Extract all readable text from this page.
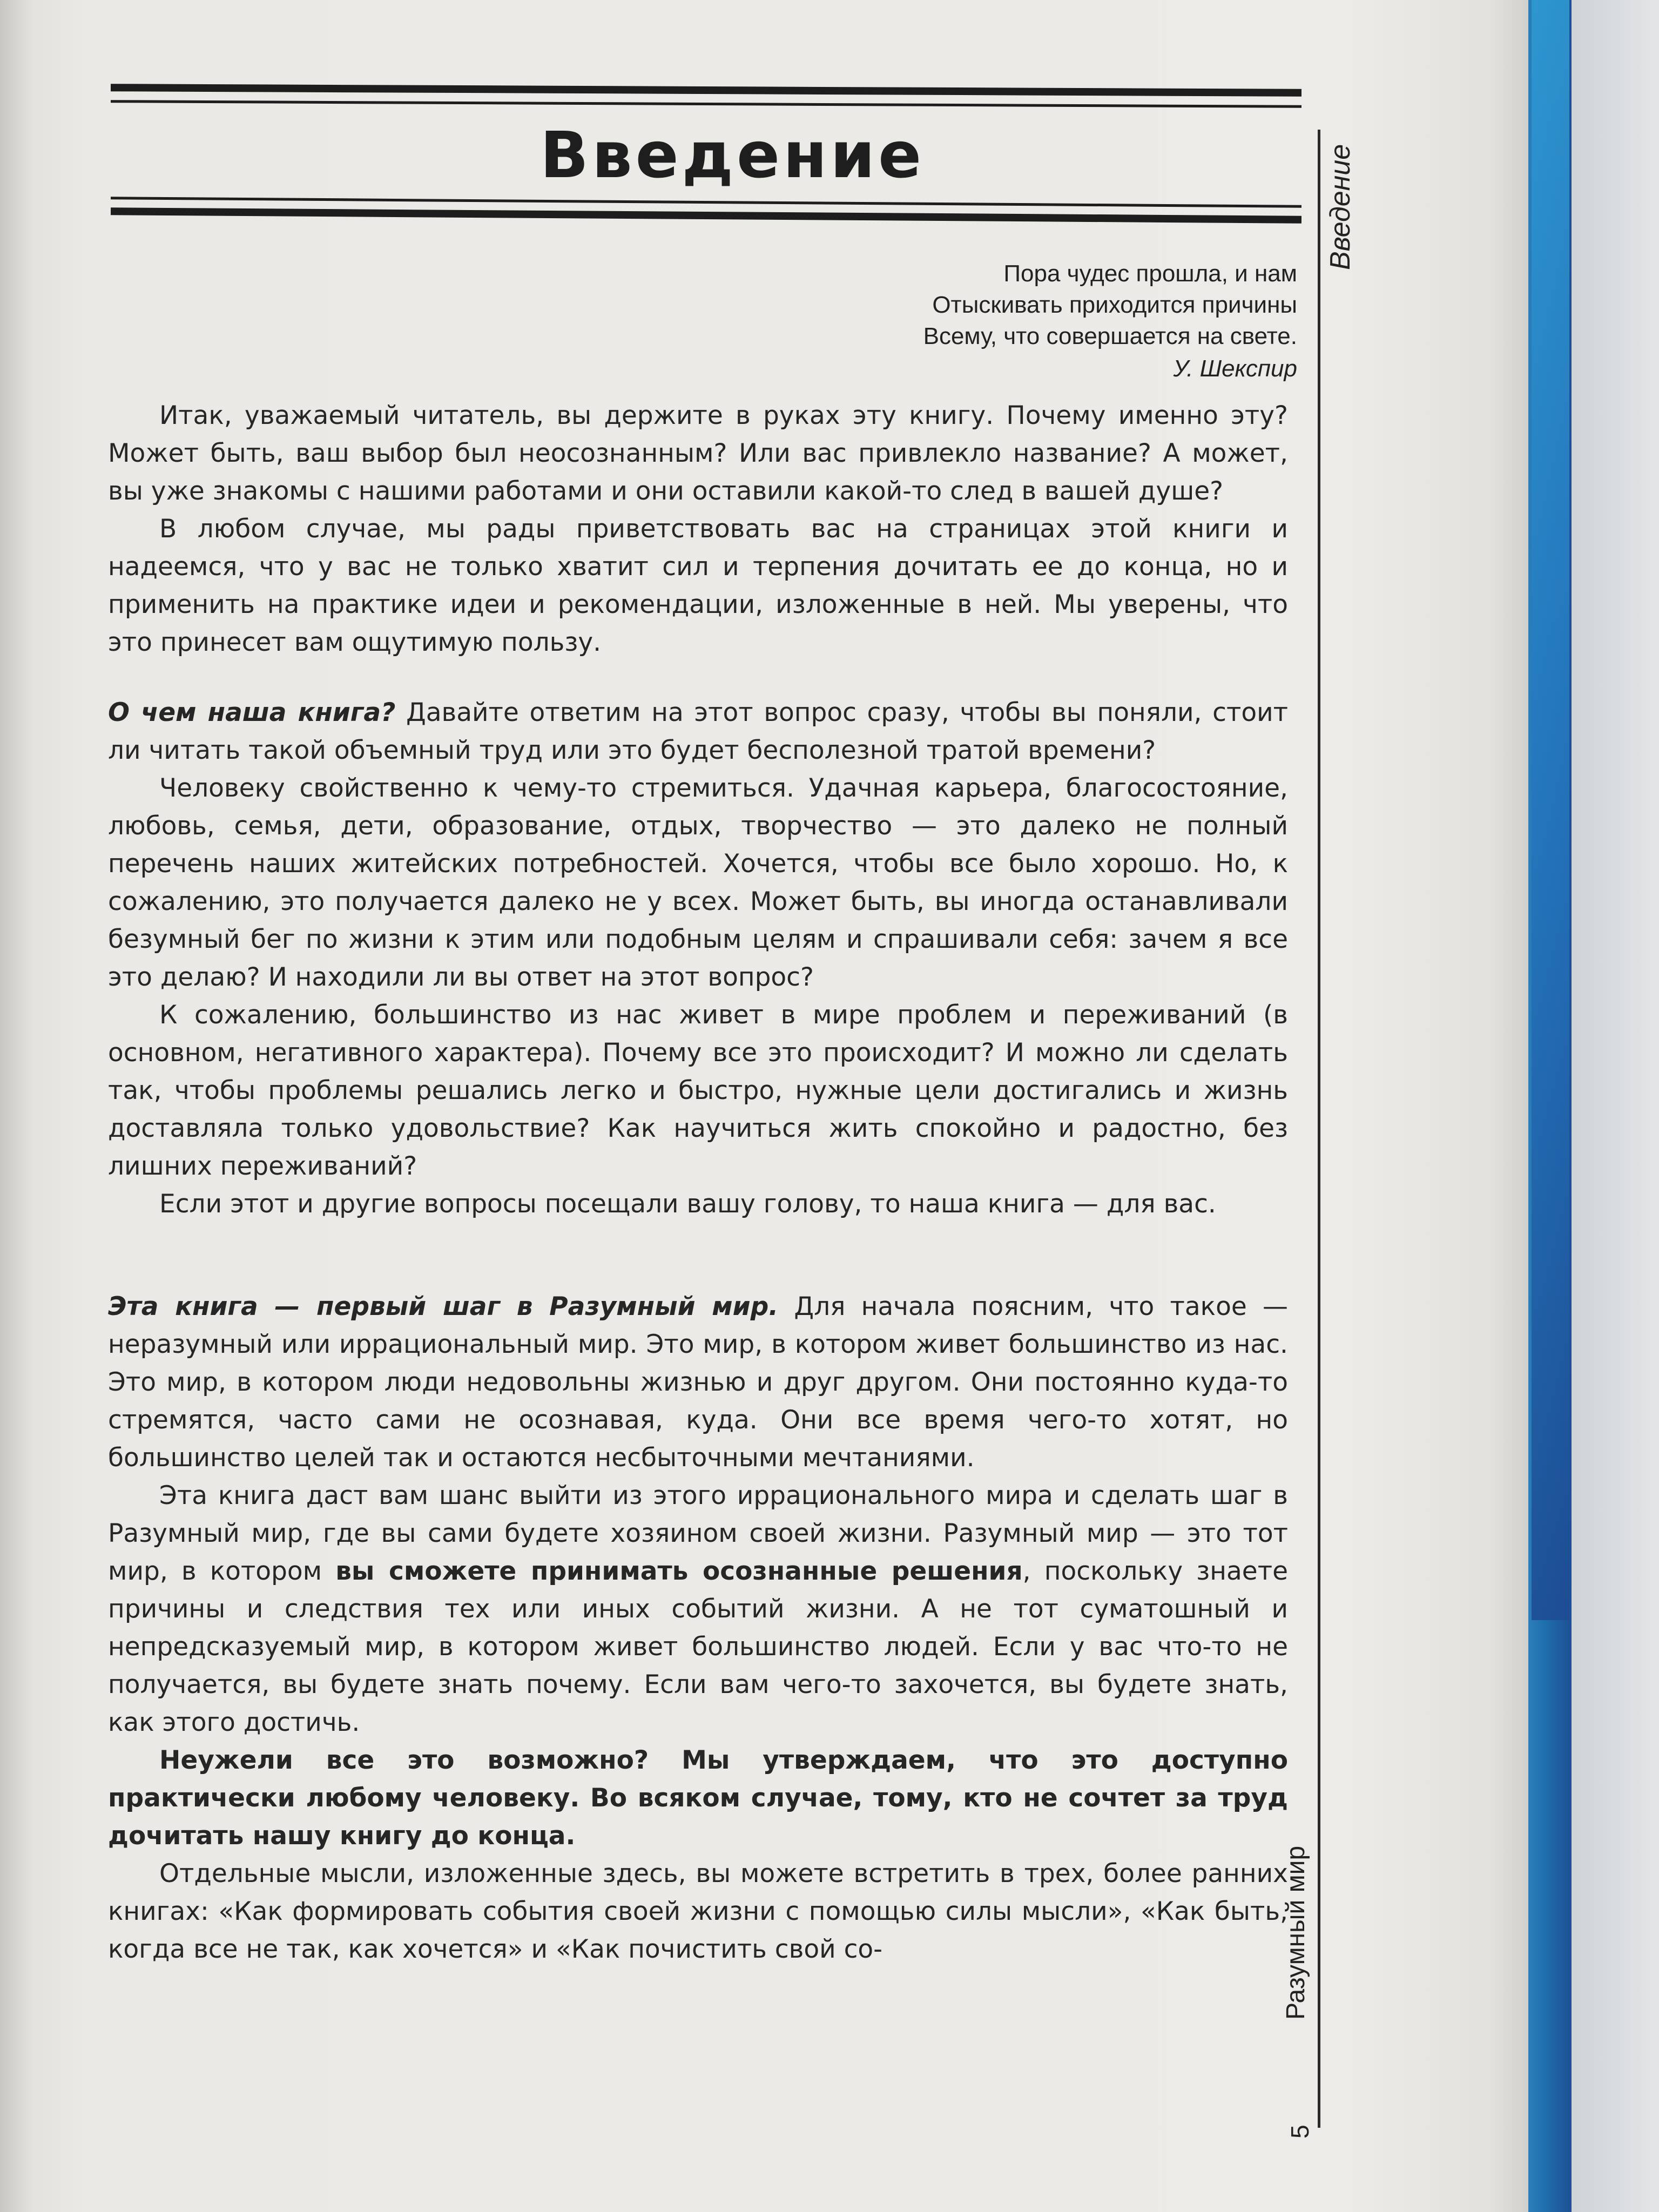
Введение	Введение
Пора чудес прошла, и нам
Отыскивать приходится причины
Всему, что совершается на свете.
У. Шекспир

Итак, уважаемый читатель, вы держите в руках эту книгу. Почему именно эту? Может быть, ваш выбор был неосознанным? Или вас привлекло название? А может, вы уже знакомы с нашими работами и они оставили какой-то след в вашей душе?

В любом случае, мы рады приветствовать вас на страницах этой книги и надеемся, что у вас не только хватит сил и терпения дочитать ее до конца, но и применить на практике идеи и рекомендации, изложенные в ней. Мы уверены, что это принесет вам ощутимую пользу.

О чем наша книга? Давайте ответим на этот вопрос сразу, чтобы вы поняли, стоит ли читать такой объемный труд или это будет бесполезной тратой времени?

Человеку свойственно к чему-то стремиться. Удачная карьера, благосостояние, любовь, семья, дети, образование, отдых, творчество — это далеко не полный перечень наших житейских потребностей. Хочется, чтобы все было хорошо. Но, к сожалению, это получается далеко не у всех. Может быть, вы иногда останавливали безумный бег по жизни к этим или подобным целям и спрашивали себя: зачем я все это делаю? И находили ли вы ответ на этот вопрос?

К сожалению, большинство из нас живет в мире проблем и переживаний (в основном, негативного характера). Почему все это происходит? И можно ли сделать так, чтобы проблемы решались легко и быстро, нужные цели достигались и жизнь доставляла только удовольствие? Как научиться жить спокойно и радостно, без лишних переживаний?

Если этот и другие вопросы посещали вашу голову, то наша книга — для вас.

Эта книга — первый шаг в Разумный мир. Для начала поясним, что такое — неразумный или иррациональный мир. Это мир, в котором живет большинство из нас. Это мир, в котором люди недовольны жизнью и друг другом. Они постоянно куда-то стремятся, часто сами не осознавая, куда. Они все время чего-то хотят, но большинство целей так и остаются несбыточными мечтаниями.

Эта книга даст вам шанс выйти из этого иррационального мира и сделать шаг в Разумный мир, где вы сами будете хозяином своей жизни. Разумный мир — это тот мир, в котором вы сможете принимать осознанные решения, поскольку знаете причины и следствия тех или иных событий жизни. А не тот суматошный и непредсказуемый мир, в котором живет большинство людей. Если у вас что-то не получается, вы будете знать почему. Если вам чего-то захочется, вы будете знать, как этого достичь.

Неужели все это возможно? Мы утверждаем, что это доступно практически любому человеку. Во всяком случае, тому, кто не сочтет за труд дочитать нашу книгу до конца.

Отдельные мысли, изложенные здесь, вы можете встретить в трех, более ранних книгах: «Как формировать события своей жизни с помощью силы мысли», «Как быть, когда все не так, как хочется» и «Как почистить свой со-	Разумный мир
5
